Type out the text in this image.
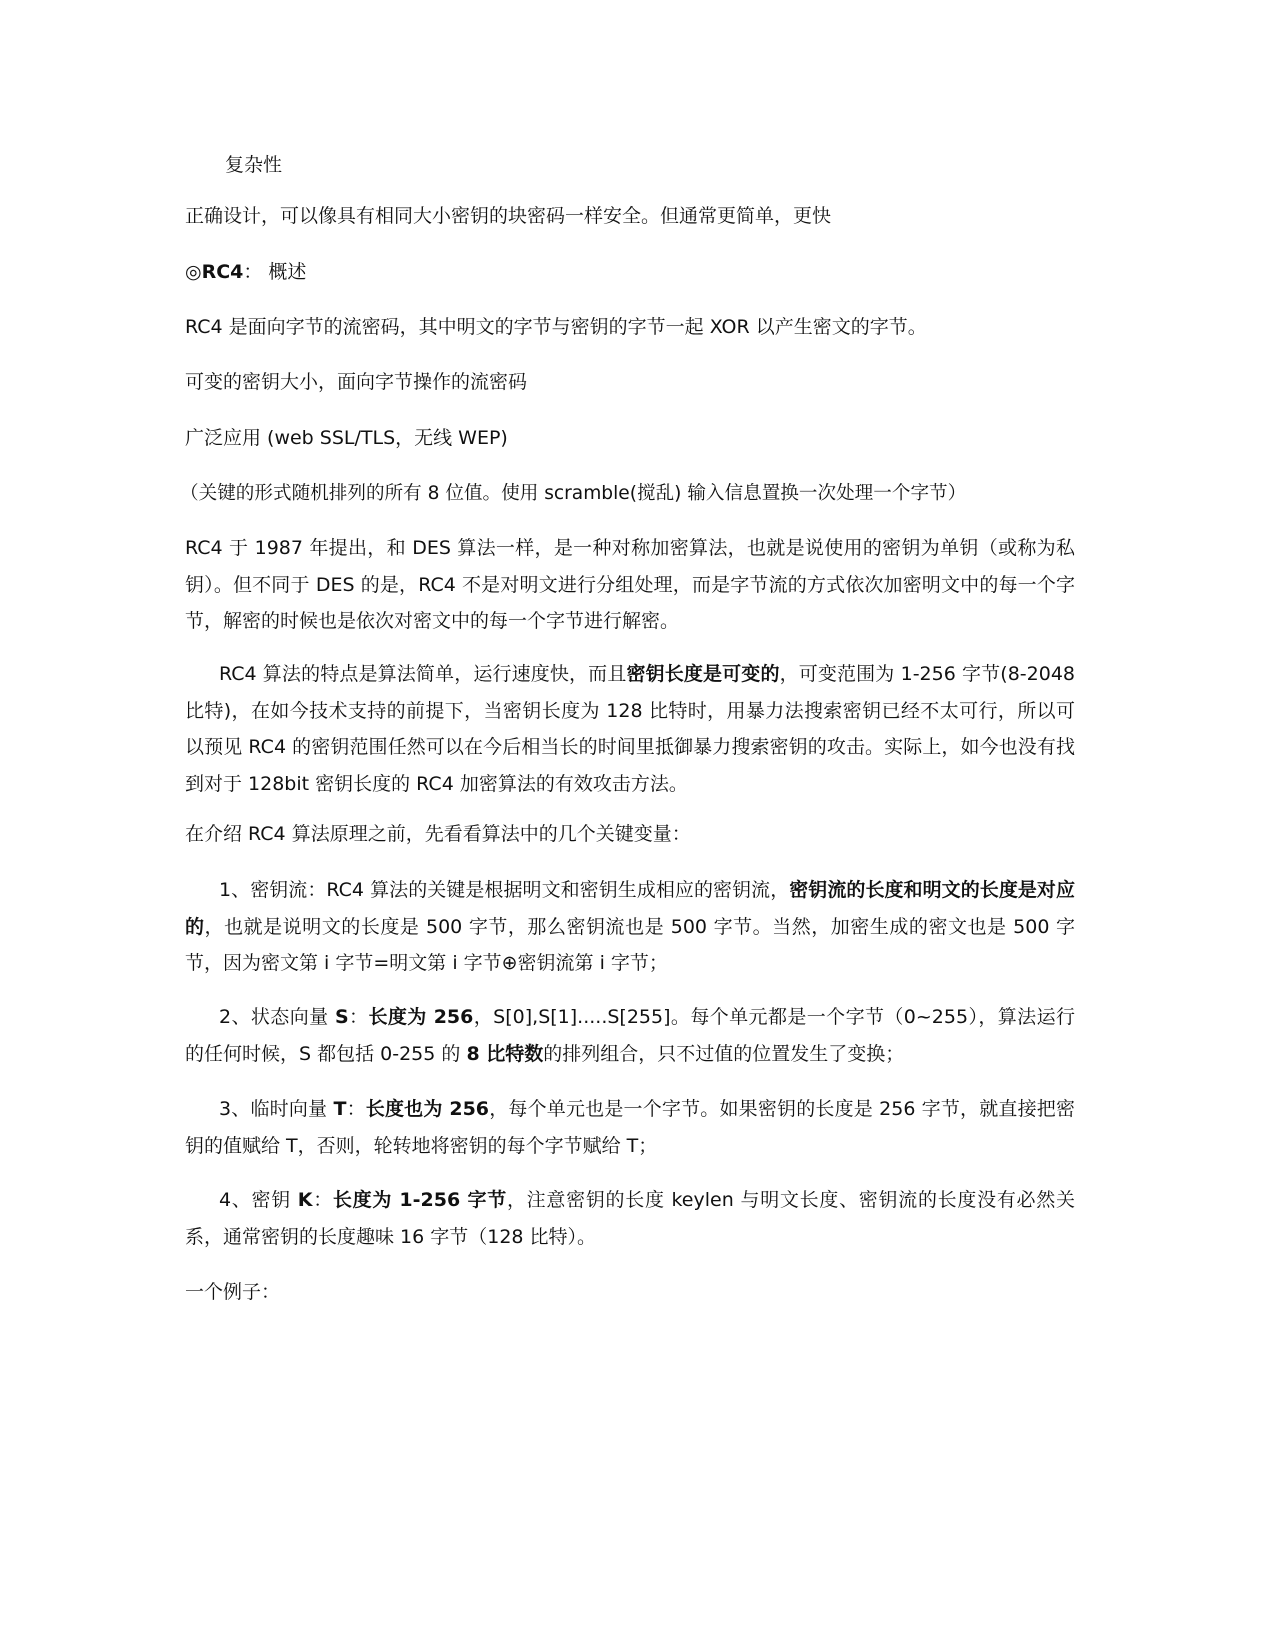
复杂性
正确设计，可以像具有相同大小密钥的块密码一样安全。但通常更简单，更快
◎RC4： 概述
RC4 是面向字节的流密码，其中明文的字节与密钥的字节一起 XOR 以产生密文的字节。
可变的密钥大小，面向字节操作的流密码
广泛应用 (web SSL/TLS，无线 WEP)
（关键的形式随机排列的所有 8 位值。使用 scramble(搅乱) 输入信息置换一次处理一个字节）
RC4 于 1987 年提出，和 DES 算法一样，是一种对称加密算法，也就是说使用的密钥为单钥（或称为私钥）。但不同于 DES 的是，RC4 不是对明文进行分组处理，而是字节流的方式依次加密明文中的每一个字节，解密的时候也是依次对密文中的每一个字节进行解密。
RC4 算法的特点是算法简单，运行速度快，而且密钥长度是可变的，可变范围为 1-256 字节(8-2048 比特)，在如今技术支持的前提下，当密钥长度为 128 比特时，用暴力法搜索密钥已经不太可行，所以可以预见 RC4 的密钥范围任然可以在今后相当长的时间里抵御暴力搜索密钥的攻击。实际上，如今也没有找到对于 128bit 密钥长度的 RC4 加密算法的有效攻击方法。
在介绍 RC4 算法原理之前，先看看算法中的几个关键变量：
1、密钥流：RC4 算法的关键是根据明文和密钥生成相应的密钥流，密钥流的长度和明文的长度是对应的，也就是说明文的长度是 500 字节，那么密钥流也是 500 字节。当然，加密生成的密文也是 500 字节，因为密文第 i 字节=明文第 i 字节⊕密钥流第 i 字节；
2、状态向量 S：长度为 256，S[0],S[1].....S[255]。每个单元都是一个字节（0~255），算法运行的任何时候，S 都包括 0-255 的 8 比特数的排列组合，只不过值的位置发生了变换；
3、临时向量 T：长度也为 256，每个单元也是一个字节。如果密钥的长度是 256 字节，就直接把密钥的值赋给 T，否则，轮转地将密钥的每个字节赋给 T；
4、密钥 K：长度为 1-256 字节，注意密钥的长度 keylen 与明文长度、密钥流的长度没有必然关系，通常密钥的长度趣味 16 字节（128 比特）。
一个例子：
